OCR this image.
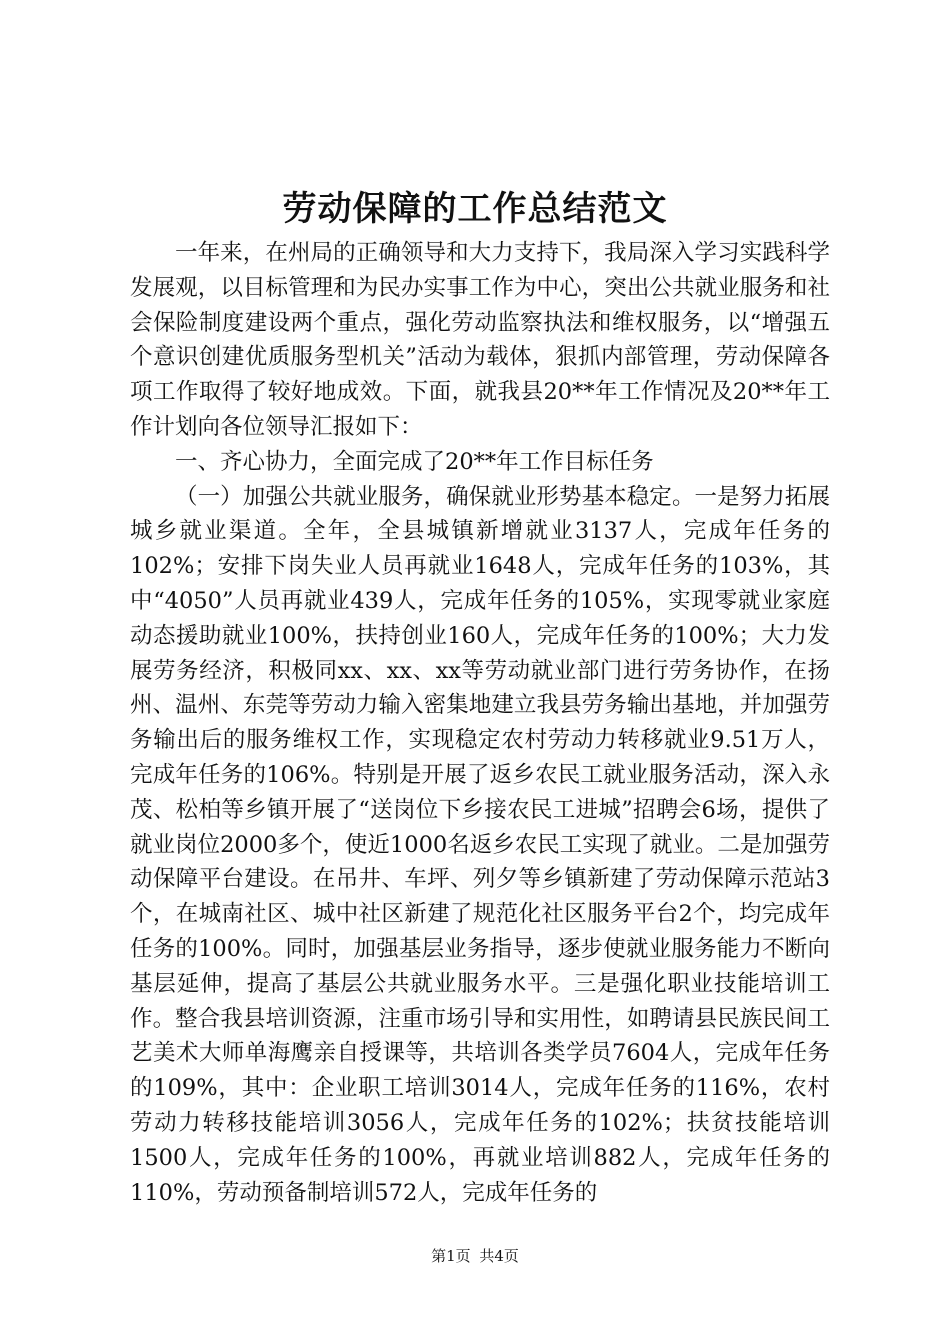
劳动保障的工作总结范文

一年来，在州局的正确领导和大力支持下，我局深入学习实践科学发展观，以目标管理和为民办实事工作为中心，突出公共就业服务和社会保险制度建设两个重点，强化劳动监察执法和维权服务，以“增强五个意识创建优质服务型机关”活动为载体，狠抓内部管理，劳动保障各项工作取得了较好地成效。下面，就我县20**年工作情况及20**年工作计划向各位领导汇报如下：

一、齐心协力，全面完成了20**年工作目标任务

（一）加强公共就业服务，确保就业形势基本稳定。一是努力拓展城乡就业渠道。全年，全县城镇新增就业3137人，完成年任务的102%；安排下岗失业人员再就业1648人，完成年任务的103%，其中“4050”人员再就业439人，完成年任务的105%，实现零就业家庭动态援助就业100%，扶持创业160人，完成年任务的100%；大力发展劳务经济，积极同xx、xx、xx等劳动就业部门进行劳务协作，在扬州、温州、东莞等劳动力输入密集地建立我县劳务输出基地，并加强劳务输出后的服务维权工作，实现稳定农村劳动力转移就业9.51万人，完成年任务的106%。特别是开展了返乡农民工就业服务活动，深入永茂、松柏等乡镇开展了“送岗位下乡接农民工进城”招聘会6场，提供了就业岗位2000多个，使近1000名返乡农民工实现了就业。二是加强劳动保障平台建设。在吊井、车坪、列夕等乡镇新建了劳动保障示范站3个，在城南社区、城中社区新建了规范化社区服务平台2个，均完成年任务的100%。同时，加强基层业务指导，逐步使就业服务能力不断向基层延伸，提高了基层公共就业服务水平。三是强化职业技能培训工作。整合我县培训资源，注重市场引导和实用性，如聘请县民族民间工艺美术大师单海鹰亲自授课等，共培训各类学员7604人，完成年任务的109%，其中：企业职工培训3014人，完成年任务的116%，农村劳动力转移技能培训3056人，完成年任务的102%；扶贫技能培训1500人，完成年任务的100%，再就业培训882人，完成年任务的110%，劳动预备制培训572人，完成年任务的

第1页 共4页
